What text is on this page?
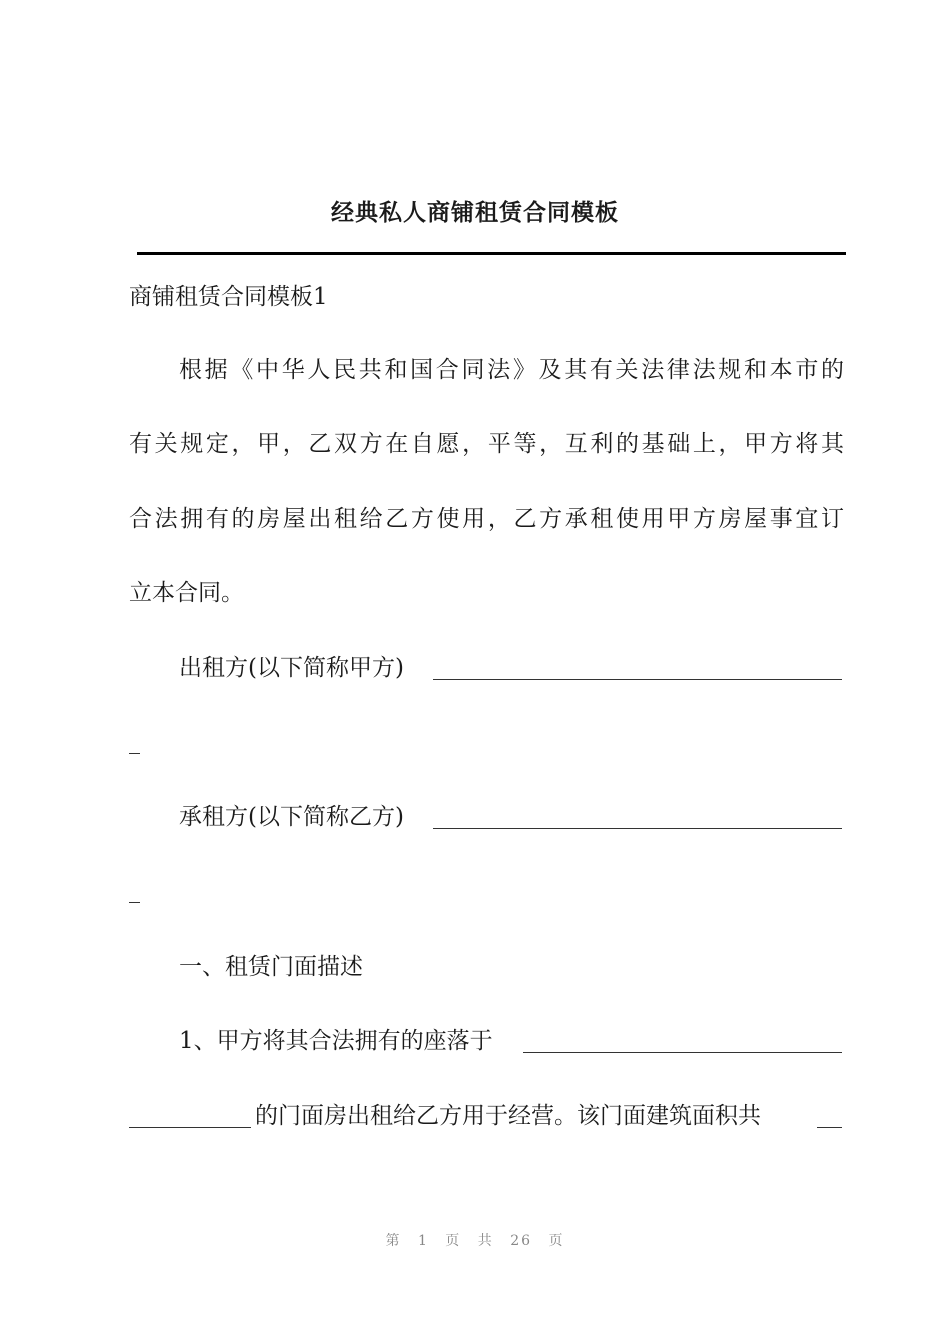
经典私人商铺租赁合同模板
商铺租赁合同模板1
根据《中华人民共和国合同法》及其有关法律法规和本市的
有关规定，甲，乙双方在自愿，平等，互利的基础上，甲方将其
合法拥有的房屋出租给乙方使用，乙方承租使用甲方房屋事宜订
立本合同。
出租方(以下简称甲方)
承租方(以下简称乙方)
一、租赁门面描述
1、甲方将其合法拥有的座落于
的门面房出租给乙方用于经营。该门面建筑面积共
第 1 页 共 26 页
